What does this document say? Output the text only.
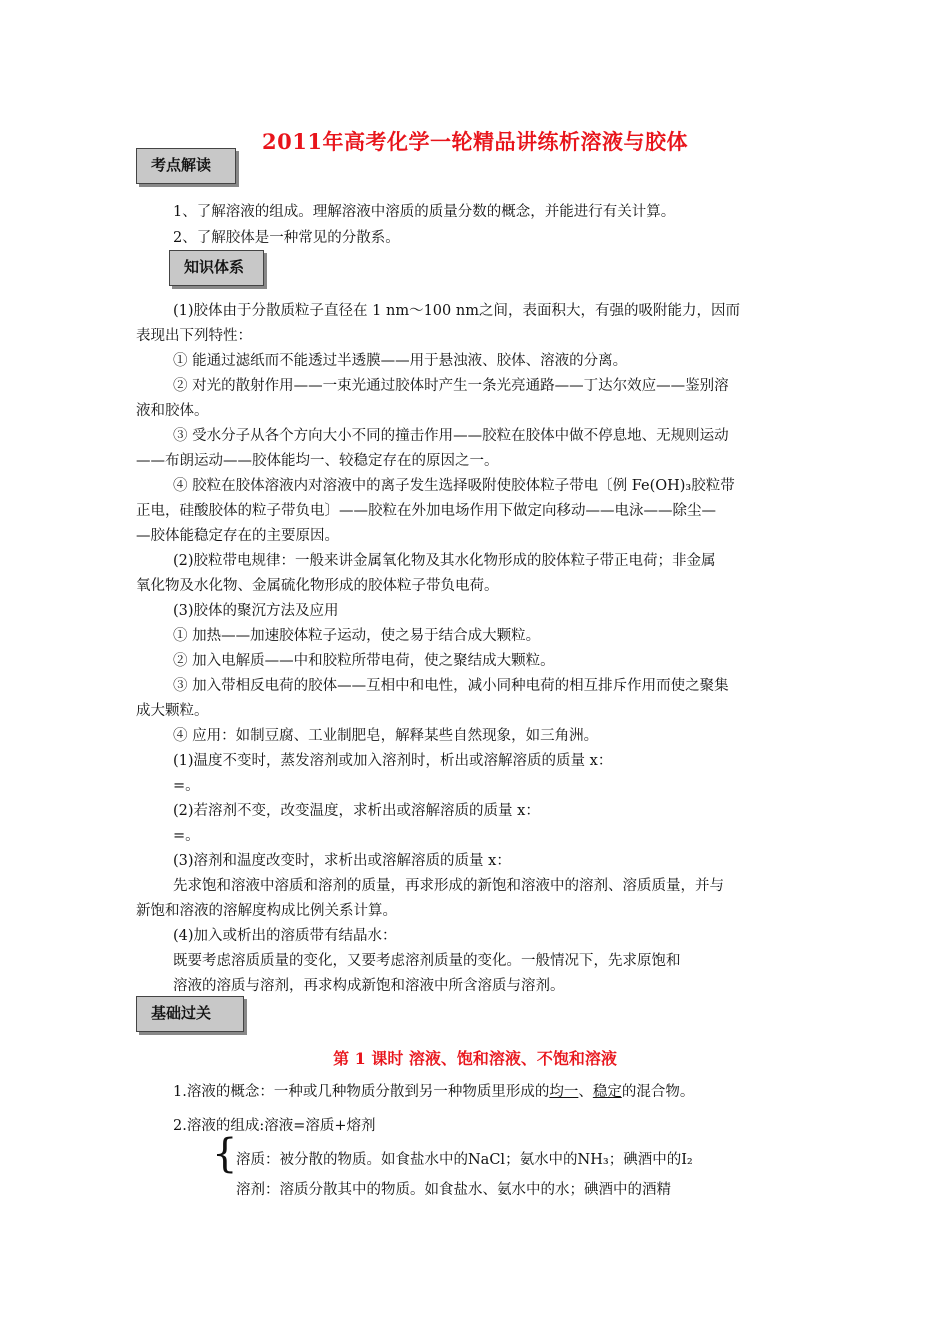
2011年高考化学一轮精品讲练析溶液与胶体
考点解读
1、了解溶液的组成。理解溶液中溶质的质量分数的概念，并能进行有关计算。
2、了解胶体是一种常见的分散系。
知识体系
(1)胶体由于分散质粒子直径在 1 nm～100 nm之间，表面积大，有强的吸附能力，因而
表现出下列特性：
① 能通过滤纸而不能透过半透膜——用于悬浊液、胶体、溶液的分离。
② 对光的散射作用——一束光通过胶体时产生一条光亮通路——丁达尔效应——鉴别溶
液和胶体。
③ 受水分子从各个方向大小不同的撞击作用——胶粒在胶体中做不停息地、无规则运动
——布朗运动——胶体能均一、较稳定存在的原因之一。
④ 胶粒在胶体溶液内对溶液中的离子发生选择吸附使胶体粒子带电〔例 Fe(OH)₃胶粒带
正电，硅酸胶体的粒子带负电〕——胶粒在外加电场作用下做定向移动——电泳——除尘—
—胶体能稳定存在的主要原因。
(2)胶粒带电规律：一般来讲金属氧化物及其水化物形成的胶体粒子带正电荷；非金属
氧化物及水化物、金属硫化物形成的胶体粒子带负电荷。
(3)胶体的聚沉方法及应用
① 加热——加速胶体粒子运动，使之易于结合成大颗粒。
② 加入电解质——中和胶粒所带电荷，使之聚结成大颗粒。
③ 加入带相反电荷的胶体——互相中和电性，减小同种电荷的相互排斥作用而使之聚集
成大颗粒。
④ 应用：如制豆腐、工业制肥皂，解释某些自然现象，如三角洲。
(1)温度不变时，蒸发溶剂或加入溶剂时，析出或溶解溶质的质量 x：
=。
(2)若溶剂不变，改变温度，求析出或溶解溶质的质量 x：
=。
(3)溶剂和温度改变时，求析出或溶解溶质的质量 x：
先求饱和溶液中溶质和溶剂的质量，再求形成的新饱和溶液中的溶剂、溶质质量，并与
新饱和溶液的溶解度构成比例关系计算。
(4)加入或析出的溶质带有结晶水：
既要考虑溶质质量的变化，又要考虑溶剂质量的变化。一般情况下，先求原饱和
溶液的溶质与溶剂，再求构成新饱和溶液中所含溶质与溶剂。
基础过关
第 1 课时 溶液、饱和溶液、不饱和溶液
1.溶液的概念：一种或几种物质分散到另一种物质里形成的均一、稳定的混合物。
2.溶液的组成:溶液=溶质+熔剂
{
溶质：被分散的物质。如食盐水中的NaCl；氨水中的NH₃；碘酒中的I₂
溶剂：溶质分散其中的物质。如食盐水、氨水中的水；碘酒中的酒精
